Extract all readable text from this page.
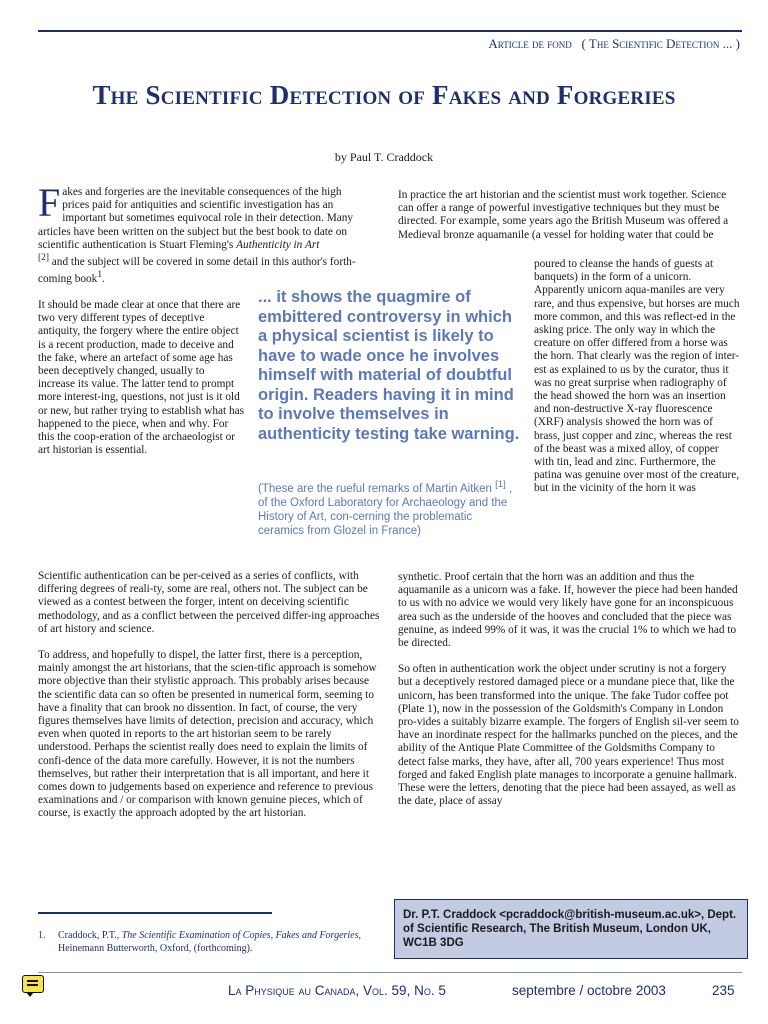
Article de fond ( The Scientific Detection ... )
The Scientific Detection of Fakes and Forgeries
by Paul T. Craddock

Fakes and forgeries are the inevitable consequences of the high prices paid for antiquities and scientific investigation has an important but sometimes equivocal role in their detection. Many articles have been written on the subject but the best book to date on scientific authentication is Stuart Fleming's Authenticity in Art
[2] and the subject will be covered in some detail in this author's forth-coming book$^1$.

It should be made clear at once that there are two very different types of deceptive antiquity, the forgery where the entire object is a recent production, made to deceive and the fake, where an artefact of some age has been deceptively changed, usually to increase its value. The latter tend to prompt more interest-ing, questions, not just is it old or new, but rather trying to establish what has happened to the piece, when and why. For this the coop-eration of the archaeologist or art historian is essential.

... it shows the quagmire of embittered controversy in which a physical scientist is likely to have to wade once he involves himself with material of doubtful origin. Readers having it in mind to involve themselves in authenticity testing take warning.
(These are the rueful remarks of Martin Aitken [1] , of the Oxford Laboratory for Archaeology and the History of Art, con-cerning the problematic ceramics from Glozel in France)

Scientific authentication can be per-ceived as a series of conflicts, with differing degrees of reali-ty, some are real, others not. The subject can be viewed as a contest between the forger, intent on deceiving scientific methodology, and as a conflict between the perceived differ-ing approaches of art history and science.

To address, and hopefully to dispel, the latter first, there is a perception, mainly amongst the art historians, that the scien-tific approach is somehow more objective than their stylistic approach. This probably arises because the scientific data can so often be presented in numerical form, seeming to have a finality that can brook no dissention. In fact, of course, the very figures themselves have limits of detection, precision and accuracy, which even when quoted in reports to the art historian seem to be rarely understood. Perhaps the scientist really does need to explain the limits of confi-dence of the data more carefully. However, it is not the numbers themselves, but rather their interpretation that is all important, and here it comes down to judgements based on experience and reference to previous examinations and / or comparison with known genuine pieces, which of course, is exactly the approach adopted by the art historian.

In practice the art historian and the scientist must work together. Science can offer a range of powerful investigative techniques but they must be directed. For example, some years ago the British Museum was offered a Medieval bronze aquamanile (a vessel for holding water that could be
poured to cleanse the hands of guests at banquets) in the form of a unicorn. Apparently unicorn aqua-maniles are very rare, and thus expensive, but horses are much more common, and this was reflect-ed in the asking price. The only way in which the creature on offer differed from a horse was the horn. That clearly was the region of inter-est as explained to us by the curator, thus it was no great surprise when radiography of the head showed the horn was an insertion and non-destructive X-ray fluorescence (XRF) analysis showed the horn was of brass, just copper and zinc, whereas the rest of the beast was a mixed alloy, of copper with tin, lead and zinc. Furthermore, the patina was genuine over most of the creature, but in the vicinity of the horn it was

synthetic. Proof certain that the horn was an addition and thus the aquamanile as a unicorn was a fake. If, however the piece had been handed to us with no advice we would very likely have gone for an inconspicuous area such as the underside of the hooves and concluded that the piece was genuine, as indeed 99% of it was, it was the crucial 1% to which we had to be directed.

So often in authentication work the object under scrutiny is not a forgery but a deceptively restored damaged piece or a mundane piece that, like the unicorn, has been transformed into the unique. The fake Tudor coffee pot (Plate 1), now in the possession of the Goldsmith's Company in London pro-vides a suitably bizarre example. The forgers of English sil-ver seem to have an inordinate respect for the hallmarks punched on the pieces, and the ability of the Antique Plate Committee of the Goldsmiths Company to detect false marks, they have, after all, 700 years experience! Thus most forged and faked English plate manages to incorporate a genuine hallmark. These were the letters, denoting that the piece had been assayed, as well as the date, place of assay

1. Craddock, P.T., The Scientific Examination of Copies, Fakes and Forgeries, Heinemann Butterworth, Oxford, (forthcoming).
Dr. P.T. Craddock <pcraddock@british-museum.ac.uk>, Dept. of Scientific Research, The British Museum, London UK, WC1B 3DG
La Physique au Canada, Vol. 59, No. 5	septembre / octobre 2003	235
